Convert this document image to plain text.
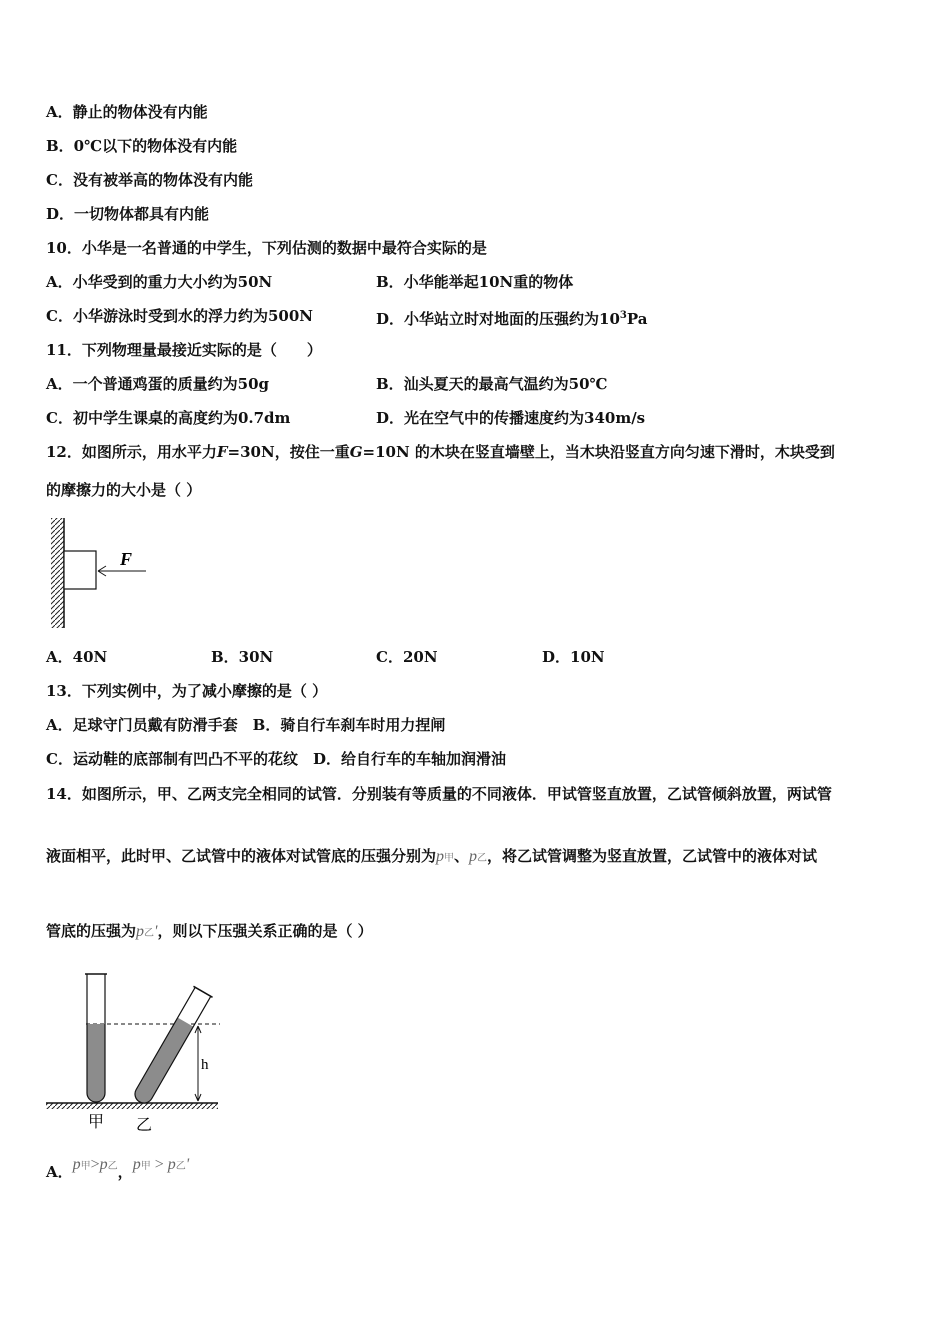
A．静止的物体没有内能
B．0℃以下的物体没有内能
C．没有被举高的物体没有内能
D．一切物体都具有内能
10．小华是一名普通的中学生，下列估测的数据中最符合实际的是
A．小华受到的重力大小约为50N	B．小华能举起10N重的物体
C．小华游泳时受到水的浮力约为500N	D．小华站立时对地面的压强约为$10^3Pa$
11．下列物理量最接近实际的是（　　）
A．一个普通鸡蛋的质量约为50g	B．汕头夏天的最高气温约为50℃
C．初中学生课桌的高度约为0.7dm	D．光在空气中的传播速度约为340m/s
12．如图所示，用水平力F=30N，按住一重G=10N 的木块在竖直墙壁上，当木块沿竖直方向匀速下滑时，木块受到
的摩擦力的大小是（ ）
F
A．40N	B．30N	C．20N	D．10N
13．下列实例中，为了减小摩擦的是（ ）
A．足球守门员戴有防滑手套　B．骑自行车刹车时用力捏闸
C．运动鞋的底部制有凹凸不平的花纹　D．给自行车的车轴加润滑油
14．如图所示，甲、乙两支完全相同的试管．分别装有等质量的不同液体．甲试管竖直放置，乙试管倾斜放置，两试管
液面相平，此时甲、乙试管中的液体对试管底的压强分别为p甲、p乙，将乙试管调整为竖直放置，乙试管中的液体对试
管底的压强为p乙'，则以下压强关系正确的是（ ）
h
甲 乙
A．p甲>p乙，p甲 > p乙'
